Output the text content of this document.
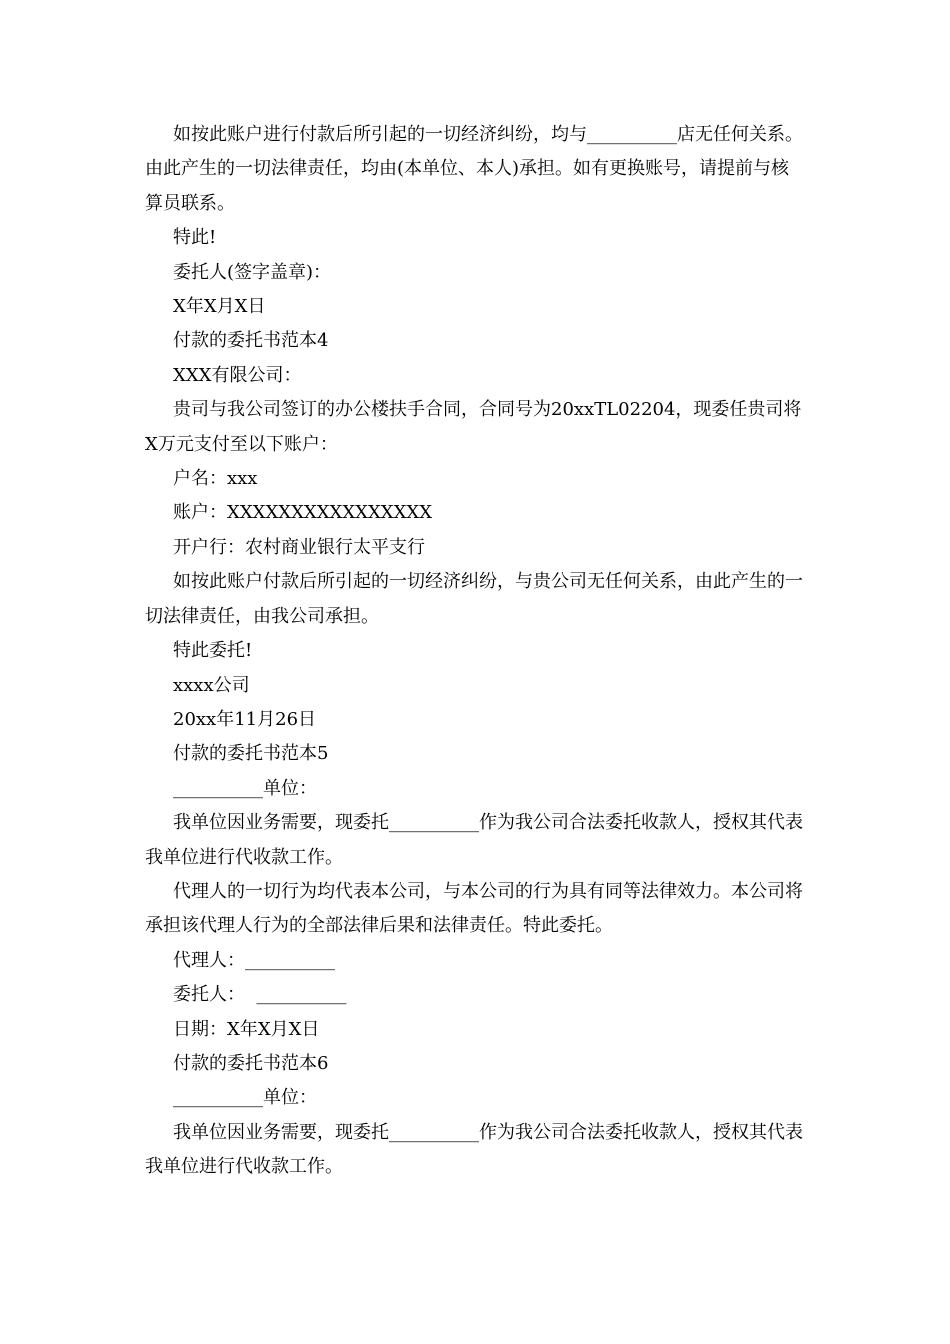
如按此账户进行付款后所引起的一切经济纠纷，均与__________店无任何关系。由此产生的一切法律责任，均由(本单位、本人)承担。如有更换账号，请提前与核算员联系。

特此!

委托人(签字盖章)：

X年X月X日

付款的委托书范本4

XXX有限公司：

贵司与我公司签订的办公楼扶手合同，合同号为20xxTL02204，现委任贵司将X万元支付至以下账户：

户名：xxx

账户：XXXXXXXXXXXXXXXX

开户行：农村商业银行太平支行

如按此账户付款后所引起的一切经济纠纷，与贵公司无任何关系，由此产生的一切法律责任，由我公司承担。

特此委托!

xxxx公司

20xx年11月26日

付款的委托书范本5

__________单位：

我单位因业务需要，现委托__________作为我公司合法委托收款人，授权其代表我单位进行代收款工作。

代理人的一切行为均代表本公司，与本公司的行为具有同等法律效力。本公司将承担该代理人行为的全部法律后果和法律责任。特此委托。

代理人：__________

委托人：  __________

日期：X年X月X日

付款的委托书范本6

__________单位：

我单位因业务需要，现委托__________作为我公司合法委托收款人，授权其代表我单位进行代收款工作。
